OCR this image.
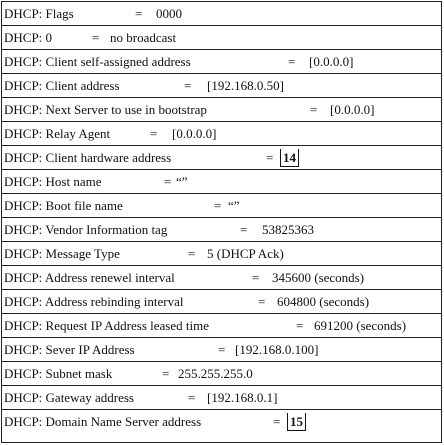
DHCP: Flags	= 0000
DHCP: 0	= no broadcast
DHCP: Client self-assigned address	= [0.0.0.0]
DHCP: Client address	= [192.168.0.50]
DHCP: Next Server to use in bootstrap	= [0.0.0.0]
DHCP: Relay Agent	= [0.0.0.0]
DHCP: Client hardware address	= 14
DHCP: Host name	= “”
DHCP: Boot file name	= “”
DHCP: Vendor Information tag	= 53825363
DHCP: Message Type	= 5 (DHCP Ack)
DHCP: Address renewel interval	= 345600 (seconds)
DHCP: Address rebinding interval	= 604800 (seconds)
DHCP: Request IP Address leased time	= 691200 (seconds)
DHCP: Sever IP Address	= [192.168.0.100]
DHCP: Subnet mask	= 255.255.255.0
DHCP: Gateway address	= [192.168.0.1]
DHCP: Domain Name Server address	= 15
